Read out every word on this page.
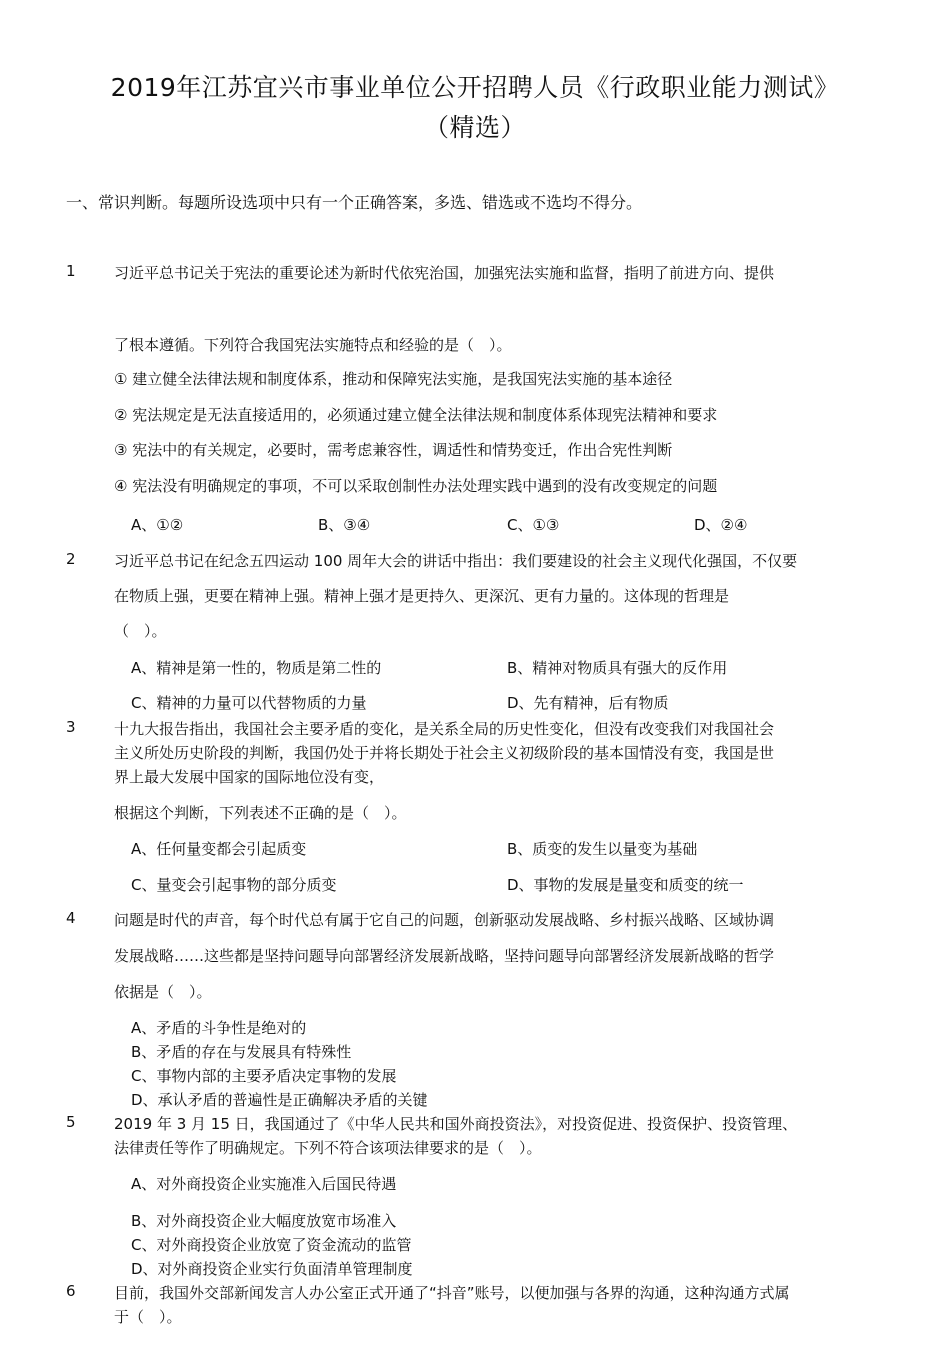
2019年江苏宜兴市事业单位公开招聘人员《行政职业能力测试》
（精选）
一、常识判断。每题所设选项中只有一个正确答案，多选、错选或不选均不得分。
1	习近平总书记关于宪法的重要论述为新时代依宪治国，加强宪法实施和监督，指明了前进方向、提供
了根本遵循。下列符合我国宪法实施特点和经验的是（　）。
① 建立健全法律法规和制度体系，推动和保障宪法实施，是我国宪法实施的基本途径
② 宪法规定是无法直接适用的，必须通过建立健全法律法规和制度体系体现宪法精神和要求
③ 宪法中的有关规定，必要时，需考虑兼容性，调适性和情势变迁，作出合宪性判断
④ 宪法没有明确规定的事项，不可以采取创制性办法处理实践中遇到的没有改变规定的问题
A、①②	B、③④	C、①③	D、②④
2	习近平总书记在纪念五四运动 100 周年大会的讲话中指出：我们要建设的社会主义现代化强国，不仅要
在物质上强，更要在精神上强。精神上强才是更持久、更深沉、更有力量的。这体现的哲理是
（　）。
A、精神是第一性的，物质是第二性的	B、精神对物质具有强大的反作用
C、精神的力量可以代替物质的力量	D、先有精神，后有物质
3	十九大报告指出，我国社会主要矛盾的变化，是关系全局的历史性变化，但没有改变我们对我国社会
主义所处历史阶段的判断，我国仍处于并将长期处于社会主义初级阶段的基本国情没有变，我国是世
界上最大发展中国家的国际地位没有变，
根据这个判断，下列表述不正确的是（　）。
A、任何量变都会引起质变	B、质变的发生以量变为基础
C、量变会引起事物的部分质变	D、事物的发展是量变和质变的统一
4	问题是时代的声音，每个时代总有属于它自己的问题，创新驱动发展战略、乡村振兴战略、区域协调
发展战略……这些都是坚持问题导向部署经济发展新战略，坚持问题导向部署经济发展新战略的哲学
依据是（　）。
A、矛盾的斗争性是绝对的
B、矛盾的存在与发展具有特殊性
C、事物内部的主要矛盾决定事物的发展
D、承认矛盾的普遍性是正确解决矛盾的关键
5	2019 年 3 月 15 日，我国通过了《中华人民共和国外商投资法》，对投资促进、投资保护、投资管理、
法律责任等作了明确规定。下列不符合该项法律要求的是（　）。
A、对外商投资企业实施准入后国民待遇
B、对外商投资企业大幅度放宽市场准入
C、对外商投资企业放宽了资金流动的监管
D、对外商投资企业实行负面清单管理制度
6	目前，我国外交部新闻发言人办公室正式开通了“抖音”账号，以便加强与各界的沟通，这种沟通方式属
于（　）。
